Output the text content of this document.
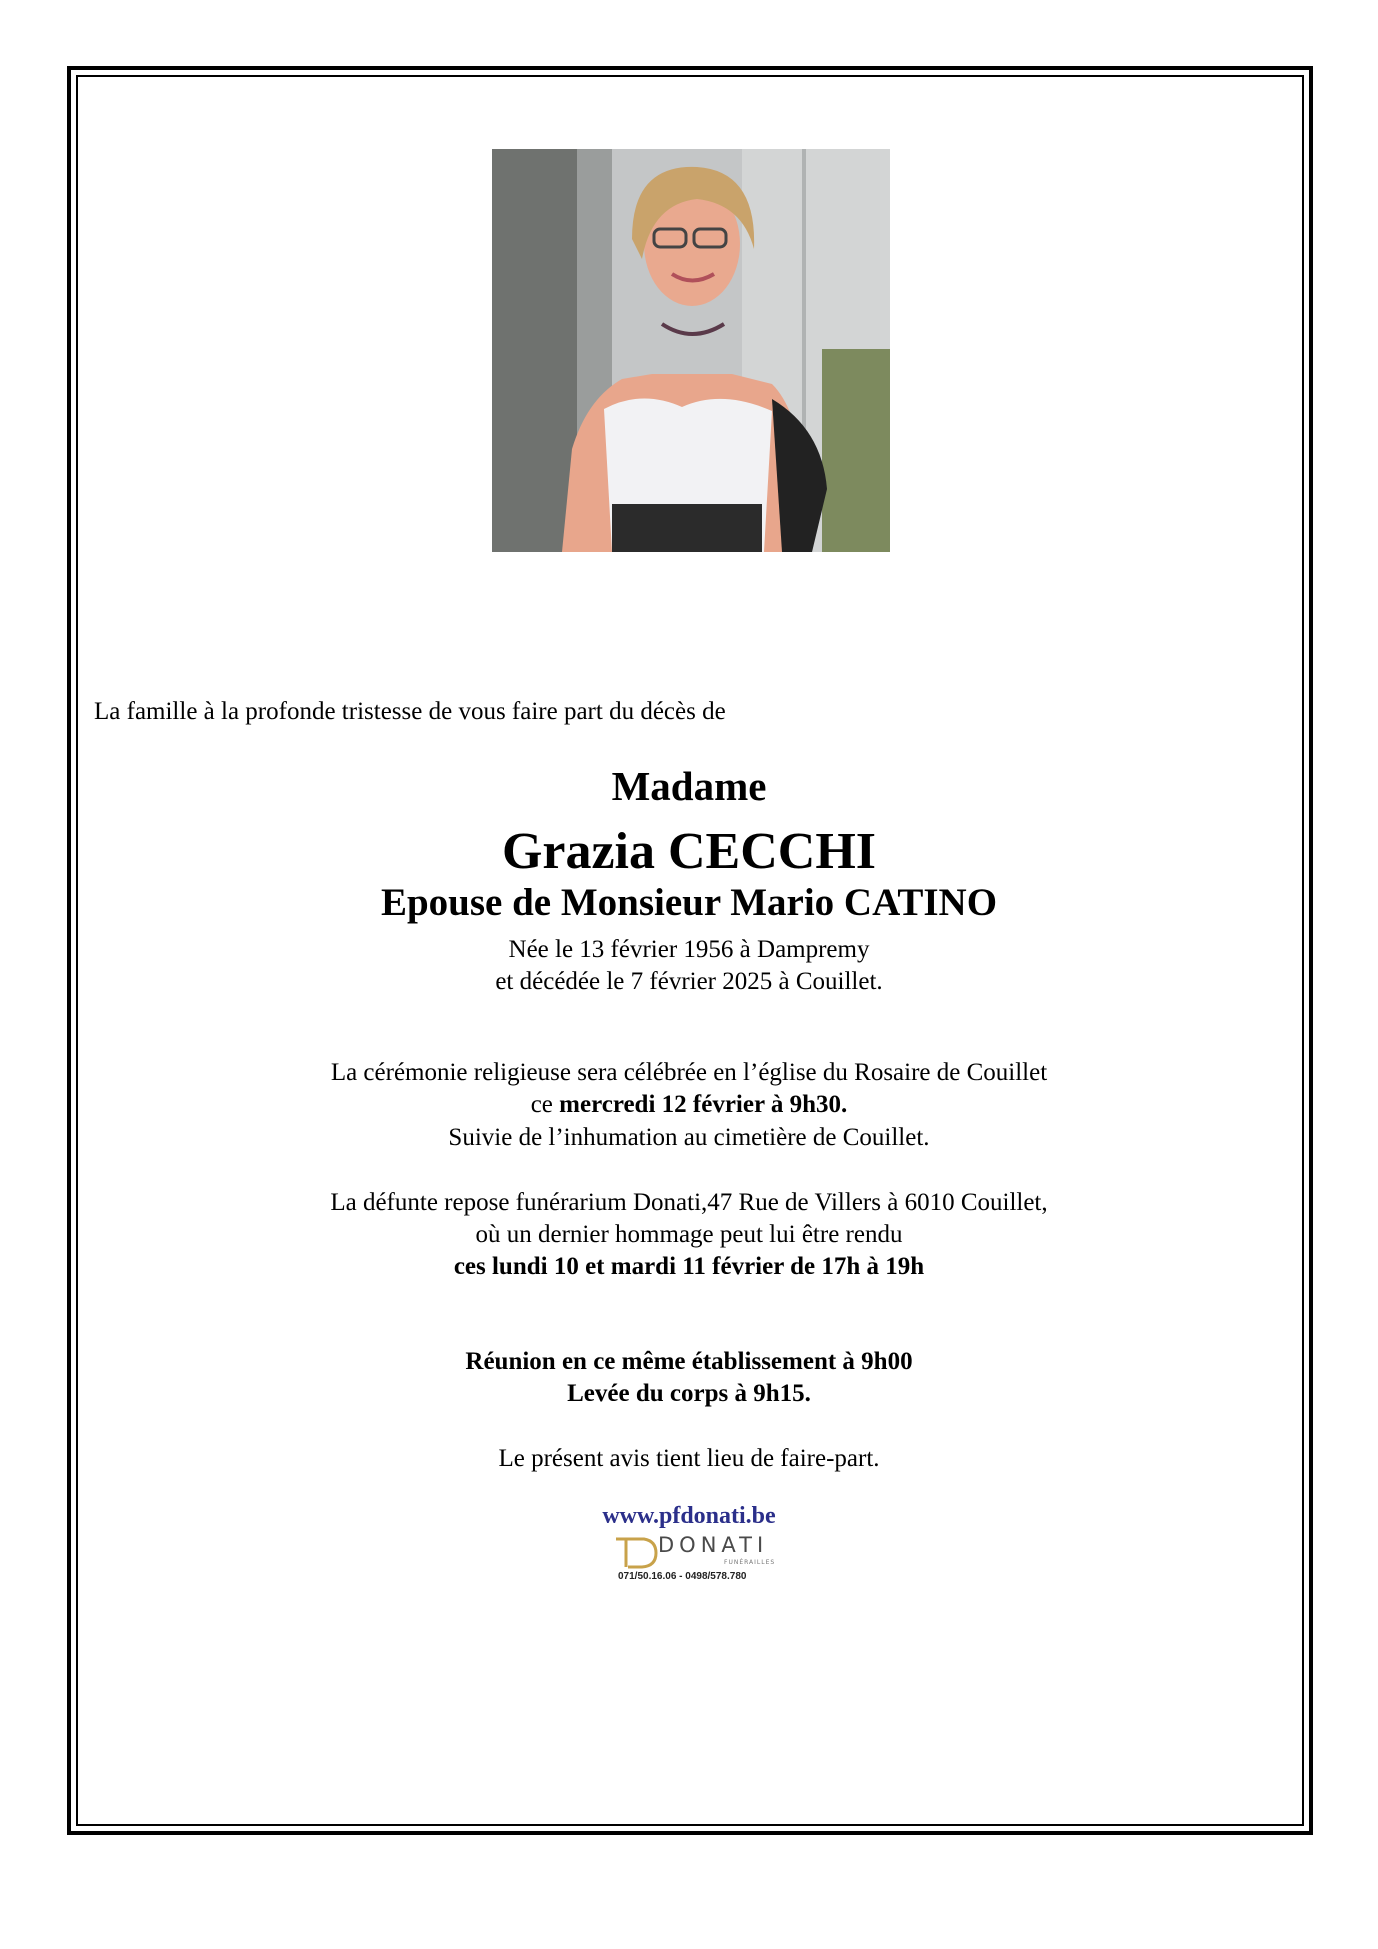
La famille à la profonde tristesse de vous faire part du décès de
Madame
Grazia CECCHI
Epouse de Monsieur Mario CATINO
Née le 13 février 1956 à Dampremy
et décédée le 7 février 2025 à Couillet.
La cérémonie religieuse sera célébrée en l’église du Rosaire de Couillet
ce mercredi 12 février à 9h30.
Suivie de l’inhumation au cimetière de Couillet.
La défunte repose funérarium Donati,47 Rue de Villers à 6010 Couillet,
où un dernier hommage peut lui être rendu
ces lundi 10 et mardi 11 février de 17h à 19h
Réunion en ce même établissement à 9h00
Levée du corps à 9h15.
Le présent avis tient lieu de faire-part.
www.pfdonati.be
DONATI
FUNÉRAILLES
071/50.16.06 - 0498/578.780
